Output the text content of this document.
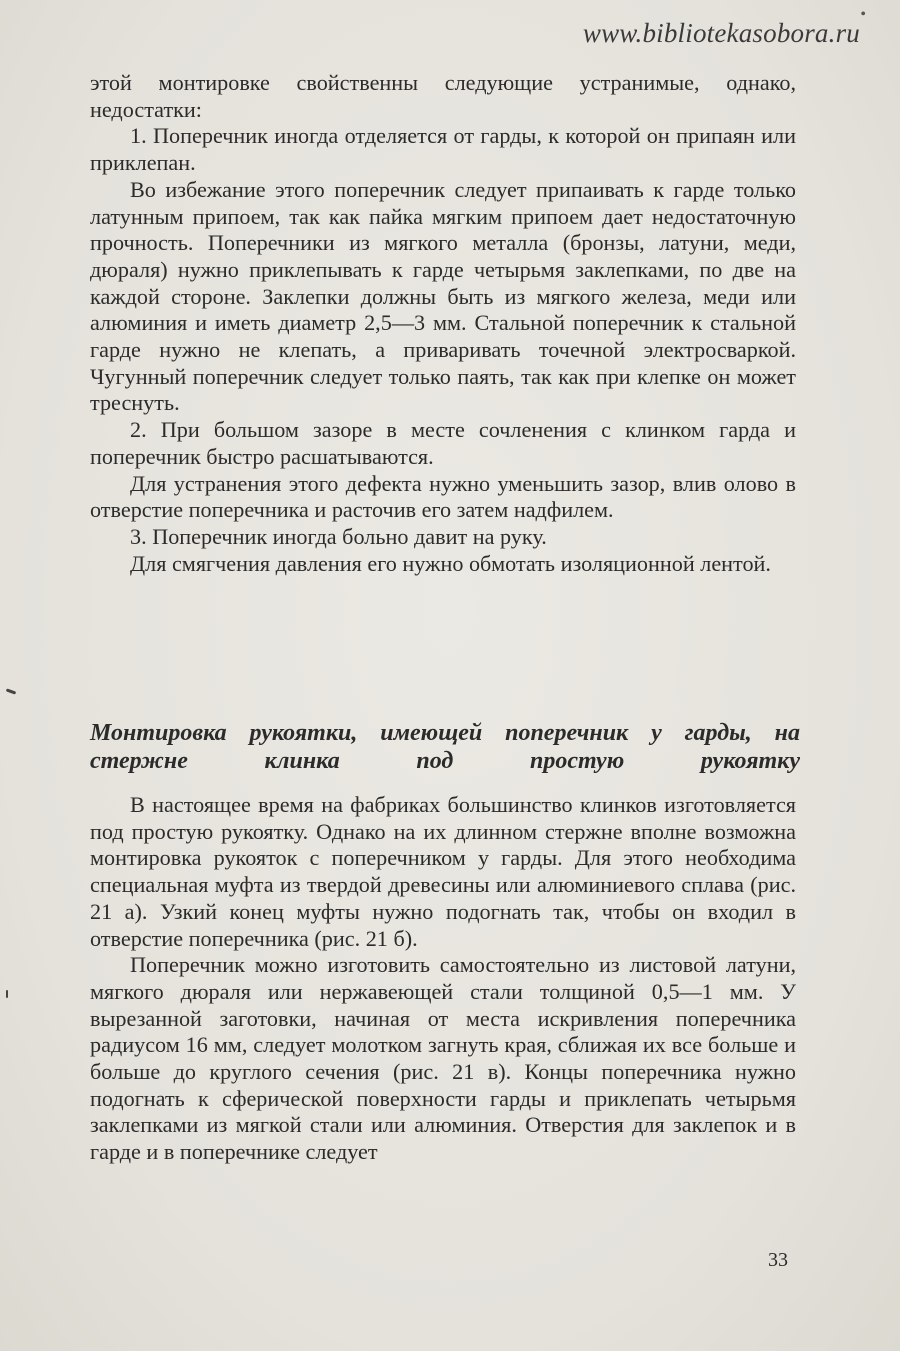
•
www.bibliotekasobora.ru

этой монтировке свойственны следующие устранимые, однако, недостатки:

1. Поперечник иногда отделяется от гарды, к которой он припаян или приклепан.

Во избежание этого поперечник следует припаивать к гарде только латунным припоем, так как пайка мягким припоем дает недостаточную прочность. Поперечники из мягкого металла (бронзы, латуни, меди, дюраля) нужно приклепывать к гарде четырьмя заклепками, по две на каждой стороне. Заклепки должны быть из мягкого железа, меди или алюминия и иметь диаметр 2,5—3 мм. Стальной поперечник к стальной гарде нужно не клепать, а приваривать точечной электросваркой. Чугунный поперечник следует только паять, так как при клепке он может треснуть.

2. При большом зазоре в месте сочленения с клинком гарда и поперечник быстро расшатываются.

Для устранения этого дефекта нужно уменьшить зазор, влив олово в отверстие поперечника и расточив его затем надфилем.

3. Поперечник иногда больно давит на руку.

Для смягчения давления его нужно обмотать изоляционной лентой.

Монтировка рукоятки, имеющей поперечник у гарды, на стержне клинка под простую рукоятку

В настоящее время на фабриках большинство клинков изготовляется под простую рукоятку. Однако на их длинном стержне вполне возможна монтировка рукояток с поперечником у гарды. Для этого необходима специальная муфта из твердой древесины или алюминиевого сплава (рис. 21 а). Узкий конец муфты нужно подогнать так, чтобы он входил в отверстие поперечника (рис. 21 б).

Поперечник можно изготовить самостоятельно из листовой латуни, мягкого дюраля или нержавеющей стали толщиной 0,5—1 мм. У вырезанной заготовки, начиная от места искривления поперечника радиусом 16 мм, следует молотком загнуть края, сближая их все больше и больше до круглого сечения (рис. 21 в). Концы поперечника нужно подогнать к сферической поверхности гарды и приклепать четырьмя заклепками из мягкой стали или алюминия. Отверстия для заклепок и в гарде и в поперечнике следует

33
